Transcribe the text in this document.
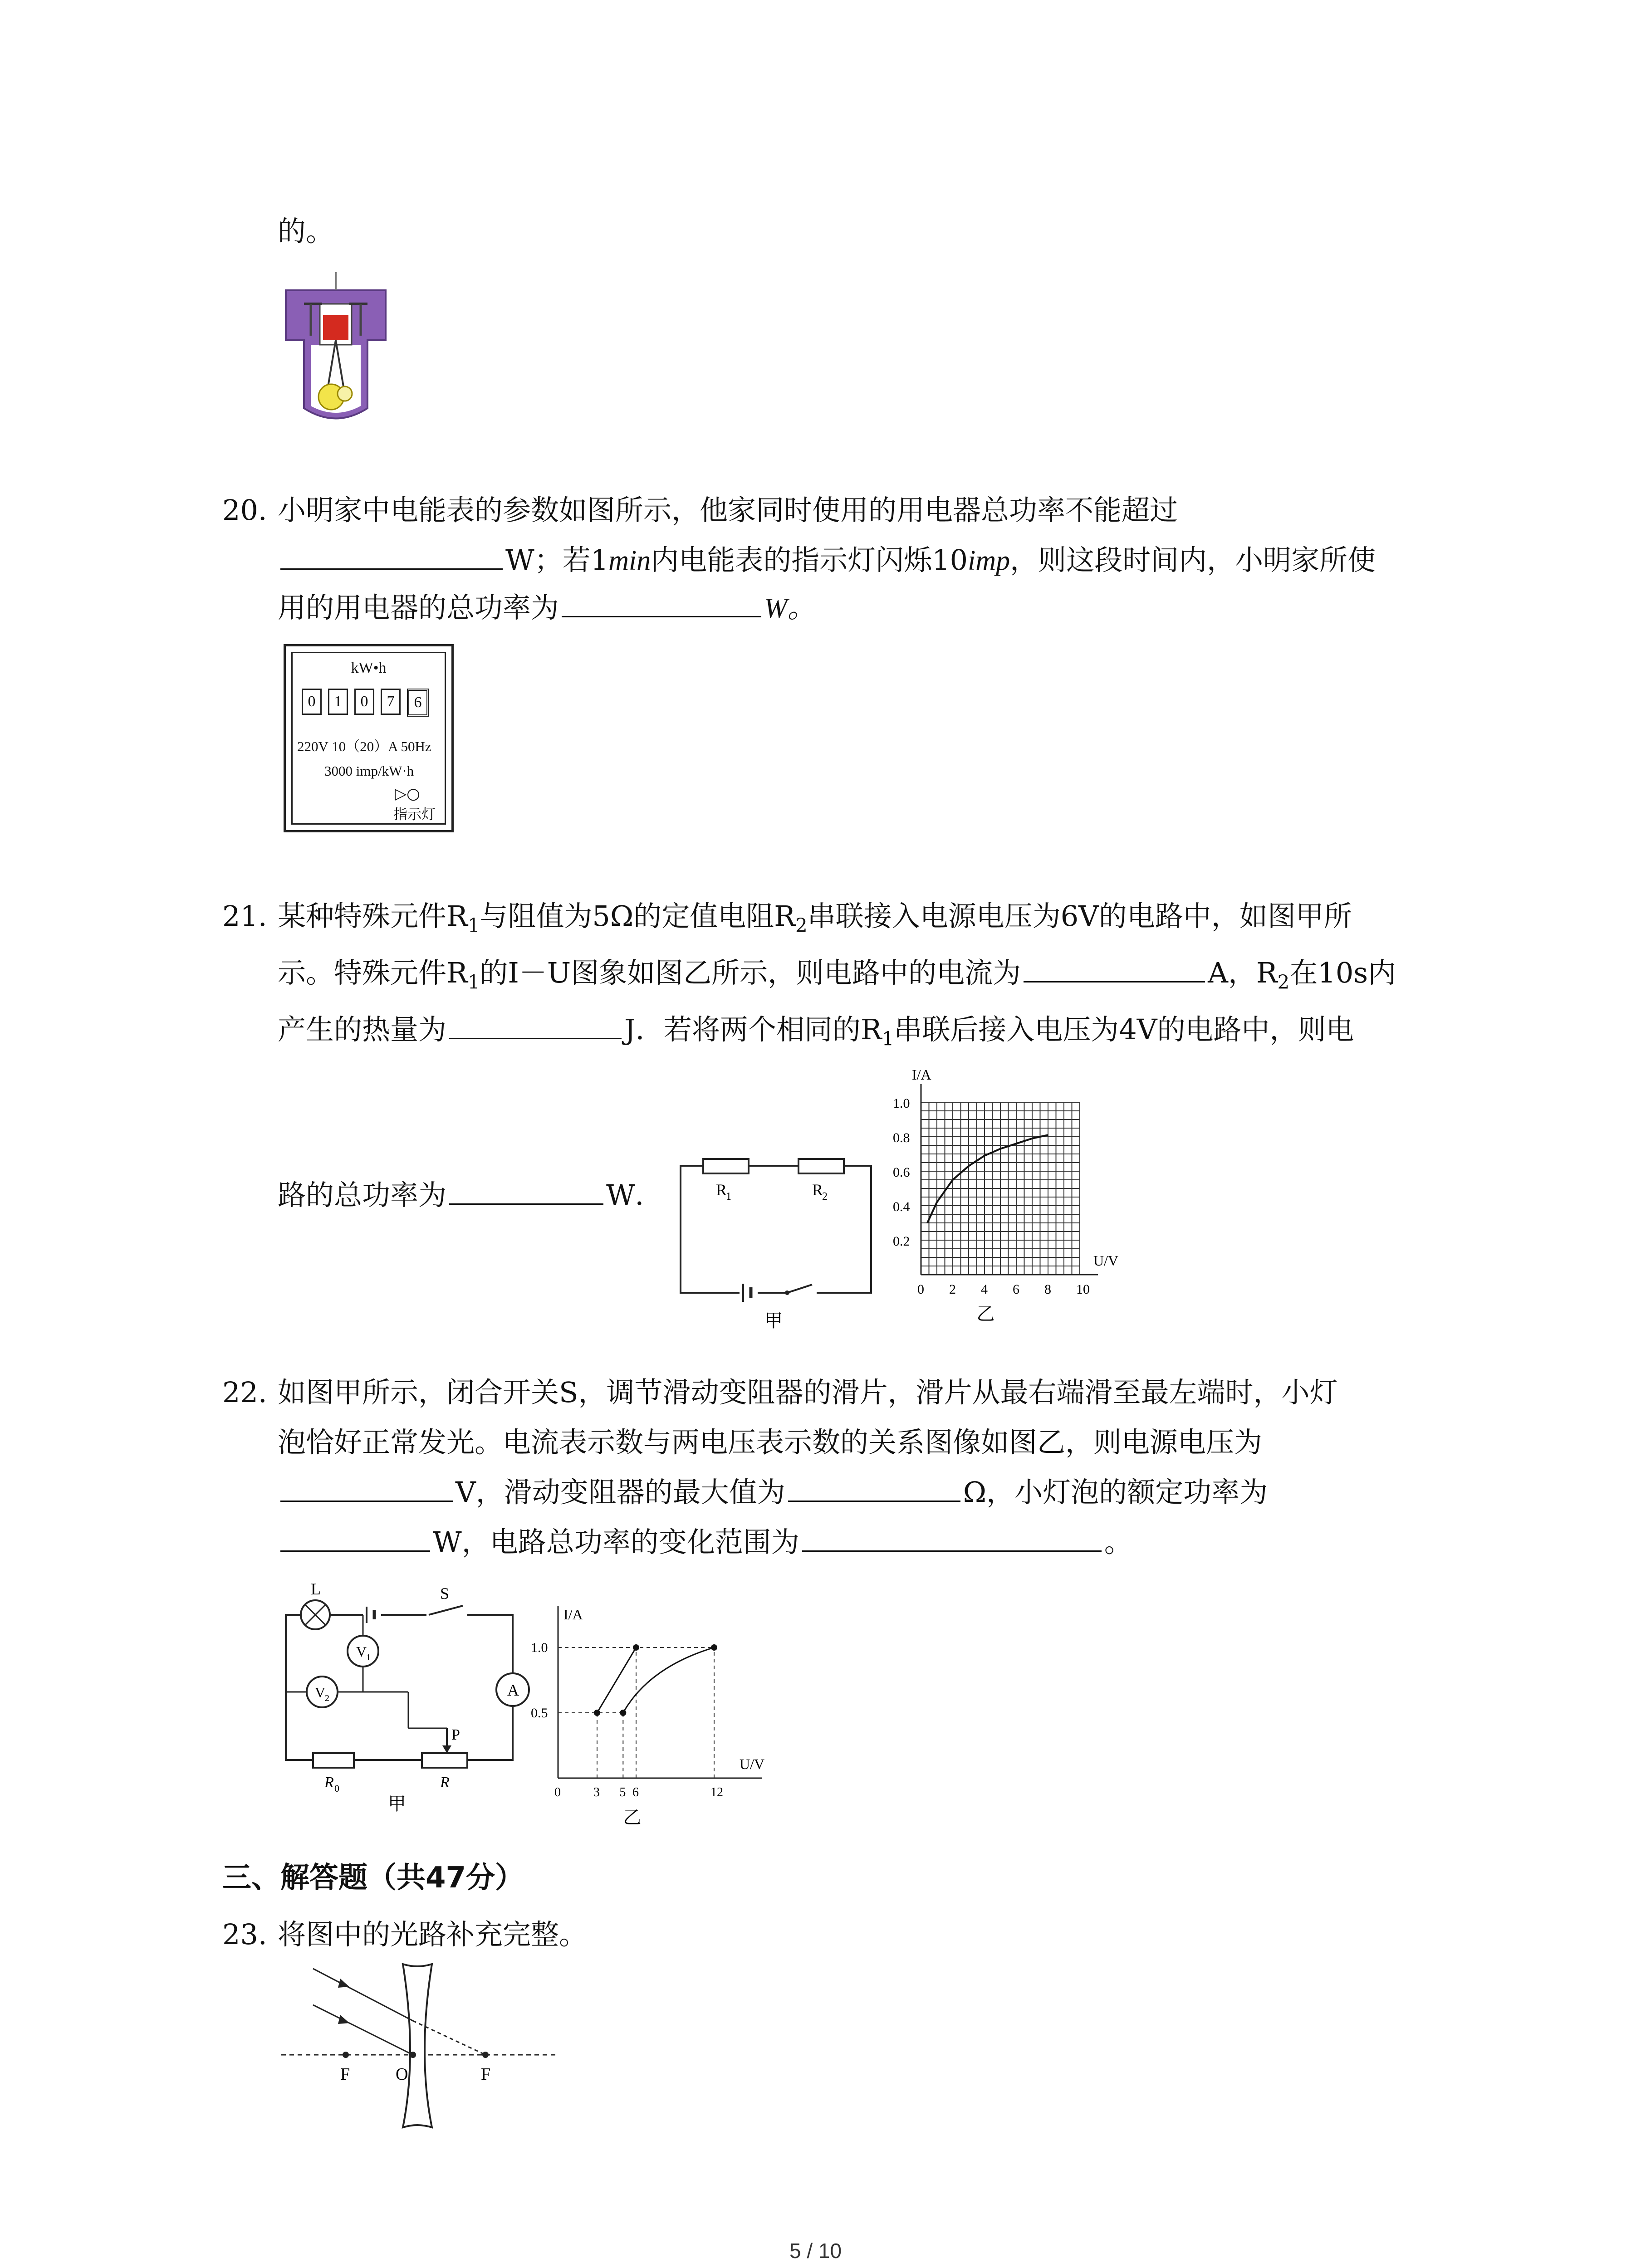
的。
20. 小明家中电能表的参数如图所示，他家同时使用的用电器总功率不能超过
W；若1min内电能表的指示灯闪烁10imp，则这段时间内，小明家所使
用的用电器的总功率为	W。
kW•h
0	1	0	7	6
220V 10（20）A 50Hz
3000 imp/kW·h
▷○
指示灯
21. 某种特殊元件$R_1$与阻值为5Ω的定值电阻$R_2$串联接入电源电压为6V的电路中，如图甲所
示。特殊元件$R_1$的I－U图象如图乙所示，则电路中的电流为	A，$R_2$在10s内
产生的热量为	J．若将两个相同的$R_1$串联后接入电压为4V的电路中，则电
路的总功率为	W．	R
1	R
2
甲
I/A
U/V
1.0
0.8
0.6
0.4
0.2
0 2 4 6 8 10
乙
22. 如图甲所示，闭合开关S，调节滑动变阻器的滑片，滑片从最右端滑至最左端时，小灯
泡恰好正常发光。电流表示数与两电压表示数的关系图像如图乙，则电源电压为
V，滑动变阻器的最大值为	Ω，小灯泡的额定功率为
W，电路总功率的变化范围为	。
L	S
V
1
V
2	A
P
R 0	R
甲
I/A
U/V
1.0
0.5
0	3 5 6	12
乙
三、解答题（共47分）
23. 将图中的光路补充完整。
F	O	F
5 / 10
